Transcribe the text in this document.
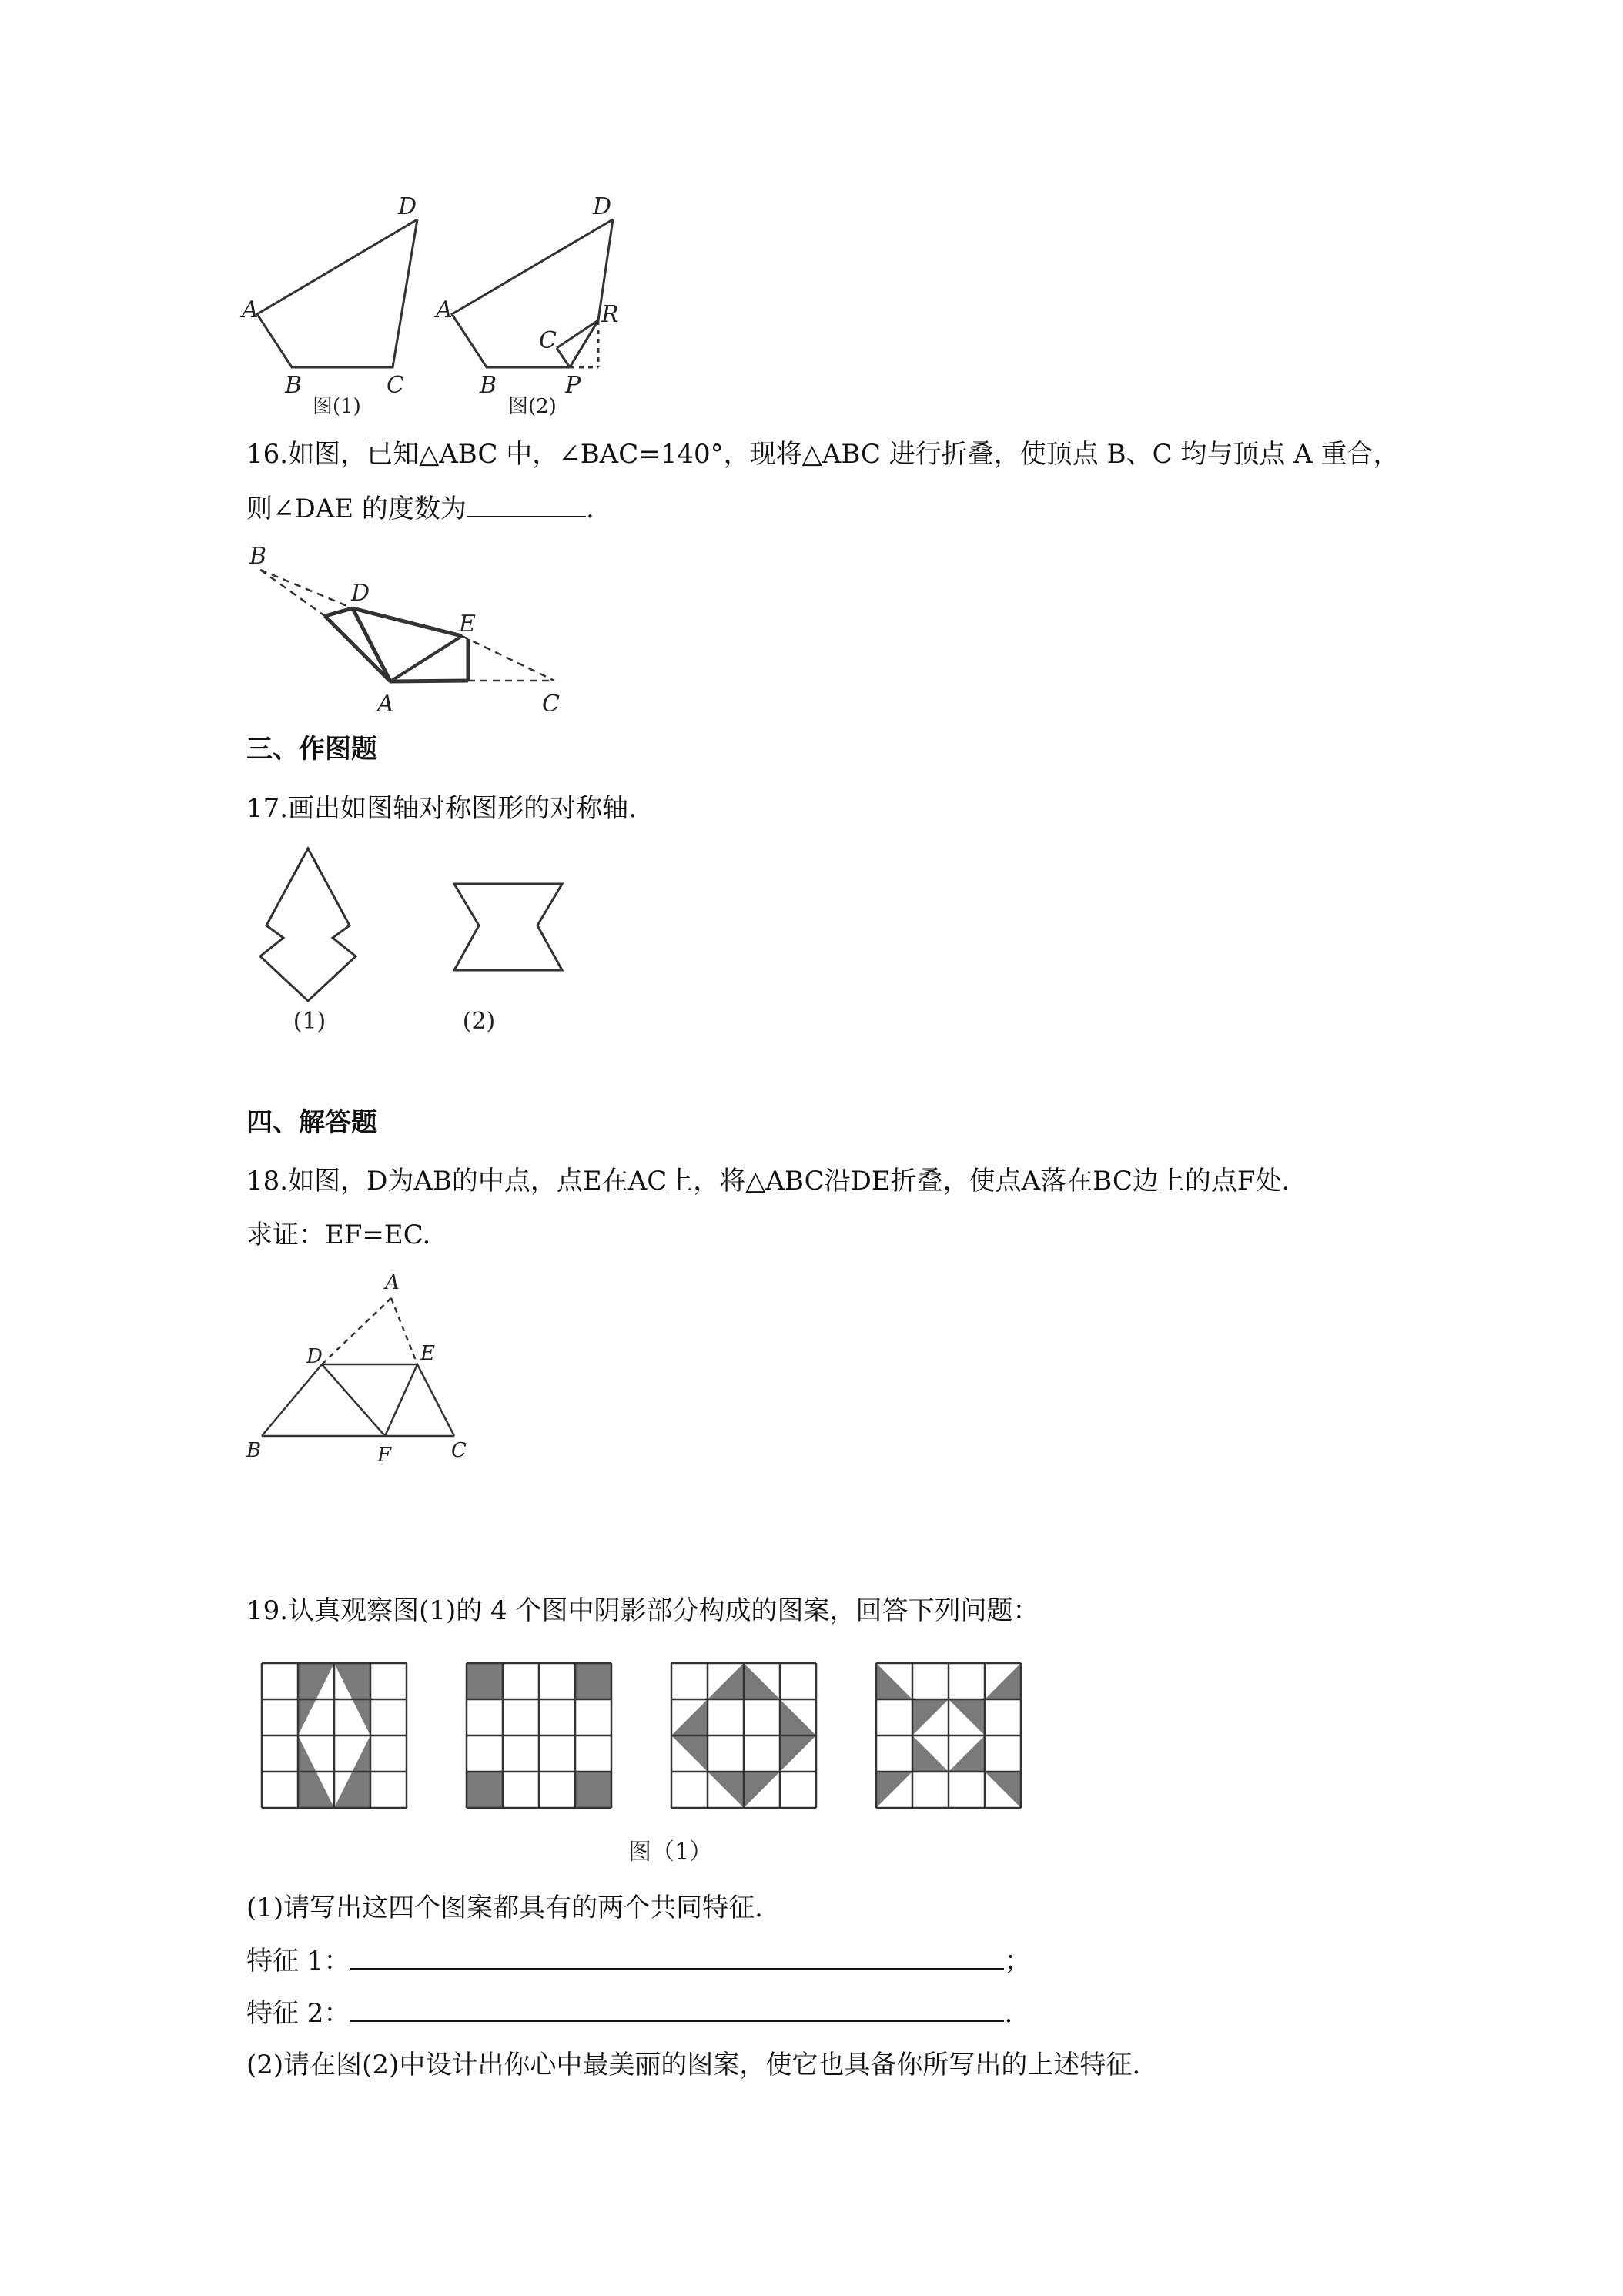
D
A
B	C
图(1)
D
A
B
C
R
P
图(2)
16.如图，已知△ABC 中，∠BAC=140°，现将△ABC 进行折叠，使顶点 B、C 均与顶点 A 重合，
则∠DAE 的度数为	.
B
D
E
A	C
三、作图题
17.画出如图轴对称图形的对称轴.
(1)	(2)
四、解答题
18.如图，D为AB的中点，点E在AC上，将△ABC沿DE折叠，使点A落在BC边上的点F处.
求证：EF=EC.
A
D	E
B	F	C
19.认真观察图(1)的 4 个图中阴影部分构成的图案，回答下列问题：
图（1）
(1)请写出这四个图案都具有的两个共同特征.
特征 1：	；
特征 2：	.
(2)请在图(2)中设计出你心中最美丽的图案，使它也具备你所写出的上述特征.
